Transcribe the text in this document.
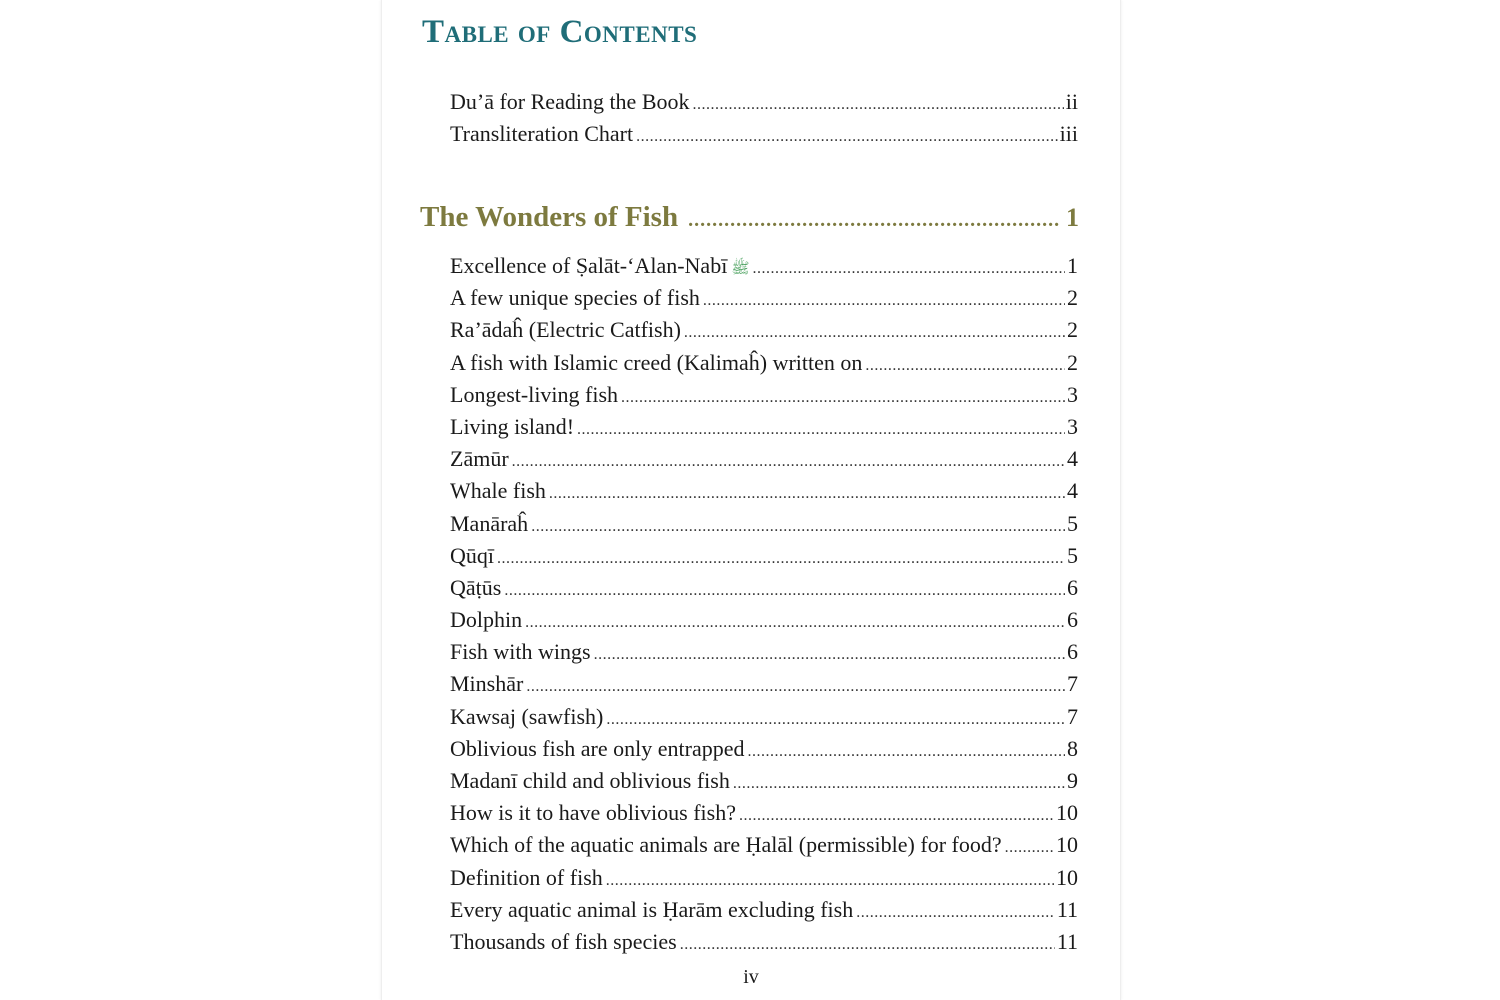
Table of Contents
Du’ā for Reading the Book .....	ii
Transliteration Chart .....	iii
The Wonders of Fish .....	1
Excellence of Ṣalāt-‘Alan-Nabī ﷺ .....	1
A few unique species of fish .....	2
Ra’ādaĥ (Electric Catfish) .....	2
A fish with Islamic creed (Kalimaĥ) written on .....	2
Longest-living fish .....	3
Living island! .....	3
Zāmūr .....	4
Whale fish .....	4
Manāraĥ .....	5
Qūqī .....	5
Qāṭūs .....	6
Dolphin .....	6
Fish with wings .....	6
Minshār .....	7
Kawsaj (sawfish) .....	7
Oblivious fish are only entrapped .....	8
Madanī child and oblivious fish .....	9
How is it to have oblivious fish? .....	10
Which of the aquatic animals are Ḥalāl (permissible) for food? ..... 10
Definition of fish .....	10
Every aquatic animal is Ḥarām excluding fish .....	11
Thousands of fish species .....	11
iv
